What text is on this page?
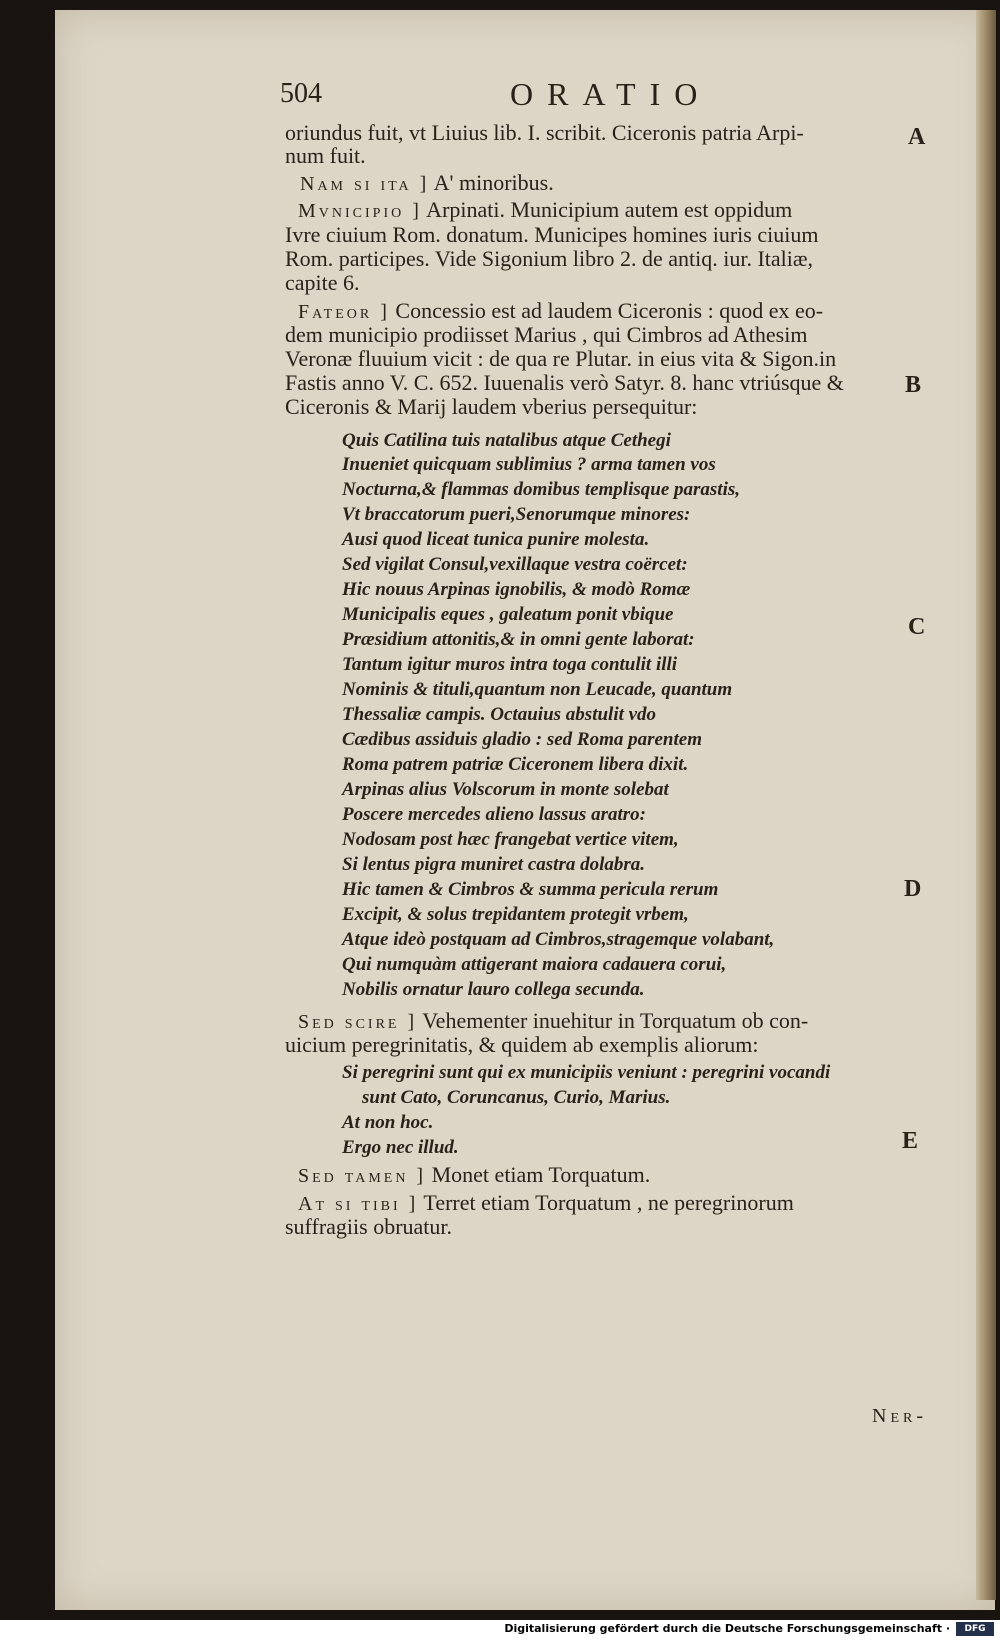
504	ORATIO
oriundus fuit, vt Liuius lib. I. scribit. Ciceronis patria Arpi-
num fuit.
Nam si ita ] A' minoribus.
Mvnicipio ] Arpinati. Municipium autem est oppidum
Ivre ciuium Rom. donatum. Municipes homines iuris ciuium
Rom. participes. Vide Sigonium libro 2. de antiq. iur. Italiæ,
capite 6.
Fateor ] Concessio est ad laudem Ciceronis : quod ex eo-
dem municipio prodiisset Marius , qui Cimbros ad Athesim
Veronæ fluuium vicit : de qua re Plutar. in eius vita & Sigon.in
Fastis anno V. C. 652. Iuuenalis verò Satyr. 8. hanc vtriúsque &
Ciceronis & Marij laudem vberius persequitur:
Quis Catilina tuis natalibus atque Cethegi
Inueniet quicquam sublimius ? arma tamen vos
Nocturna,& flammas domibus templisque parastis,
Vt braccatorum pueri,Senorumque minores:
Ausi quod liceat tunica punire molesta.
Sed vigilat Consul,vexillaque vestra coërcet:
Hic nouus Arpinas ignobilis, & modò Romæ
Municipalis eques , galeatum ponit vbique
Præsidium attonitis,& in omni gente laborat:
Tantum igitur muros intra toga contulit illi
Nominis & tituli,quantum non Leucade, quantum
Thessaliæ campis. Octauius abstulit vdo
Cædibus assiduis gladio : sed Roma parentem
Roma patrem patriæ Ciceronem libera dixit.
Arpinas alius Volscorum in monte solebat
Poscere mercedes alieno lassus aratro:
Nodosam post hæc frangebat vertice vitem,
Si lentus pigra muniret castra dolabra.
Hic tamen & Cimbros & summa pericula rerum
Excipit, & solus trepidantem protegit vrbem,
Atque ideò postquam ad Cimbros,stragemque volabant,
Qui numquàm attigerant maiora cadauera corui,
Nobilis ornatur lauro collega secunda.
Sed scire ] Vehementer inuehitur in Torquatum ob con-
uicium peregrinitatis, & quidem ab exemplis aliorum:
Si peregrini sunt qui ex municipiis veniunt : peregrini vocandi
sunt Cato, Coruncanus, Curio, Marius.
At non hoc.
Ergo nec illud.
Sed tamen ] Monet etiam Torquatum.
At si tibi ] Terret etiam Torquatum , ne peregrinorum
suffragiis obruatur.
A
B
C
D
E
Ner-
Digitalisierung gefördert durch die Deutsche Forschungsgemeinschaft ·	DFG
